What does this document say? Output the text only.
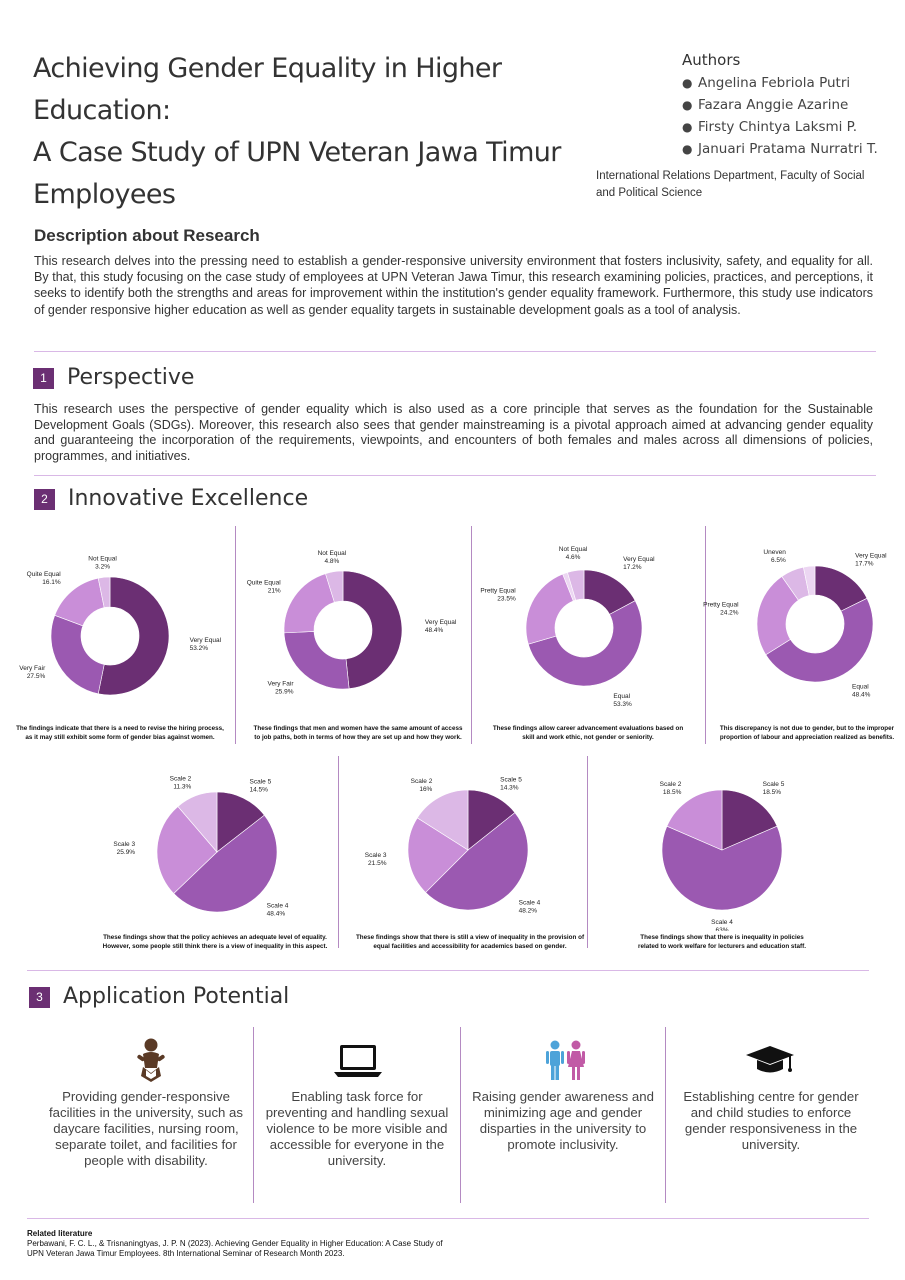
Achieving Gender Equality in Higher Education:
A Case Study of UPN Veteran Jawa Timur
Employees
Authors
● Angelina Febriola Putri
● Fazara Anggie Azarine
● Firsty Chintya Laksmi P.
● Januari Pratama Nurratri T.
International Relations Department, Faculty of Social and Political Science
Description about Research
This research delves into the pressing need to establish a gender-responsive university environment that fosters inclusivity, safety, and equality for all. By that, this study focusing on the case study of employees at UPN Veteran Jawa Timur, this research examining policies, practices, and perceptions, it seeks to identify both the strengths and areas for improvement within the institution's gender equality framework. Furthermore, this study use indicators of gender responsive higher education as well as gender equality targets in sustainable development goals as a tool of analysis.
1 Perspective
This research uses the perspective of gender equality which is also used as a core principle that serves as the foundation for the Sustainable Development Goals (SDGs). Moreover, this research also sees that gender mainstreaming is a pivotal approach aimed at advancing gender equality and guaranteeing the incorporation of the requirements, viewpoints, and encounters of both females and males across all dimensions of policies, programmes, and initiatives.
2 Innovative Excellence
Very Equal 53.2%
Very Fair 27.5%
Quite Equal 16.1%
Not Equal 3.2%
The findings indicate that there is a need to revise the hiring process,
as it may still exhibit some form of gender bias against women.
Very Equal 48.4%
Very Fair 25.9%
Quite Equal 21%
Not Equal 4.8%
These findings that men and women have the same amount of access
to job paths, both in terms of how they are set up and how they work.
Very Equal 17.2%
Equal 53.3%
Pretty Equal 23.5%
Not Equal 4.6%
These findings allow career advancement evaluations based on
skill and work ethic, not gender or seniority.
Very Equal 17.7%
Equal 48.4%
Pretty Equal 24.2%
Uneven 6.5%
This discrepancy is not due to gender, but to the improper
proportion of labour and appreciation realized as benefits.
Scale 5 14.5%
Scale 4 48.4%
Scale 3 25.9%
Scale 2 11.3%
These findings show that the policy achieves an adequate level of equality.
However, some people still think there is a view of inequality in this aspect.
Scale 5 14.3%
Scale 4 48.2%
Scale 3 21.5%
Scale 2 16%
These findings show that there is still a view of inequality in the provision of
equal facilities and accessibility for academics based on gender.
Scale 5 18.5%
Scale 4 63%
Scale 2 18.5%
These findings show that there is inequality in policies
related to work welfare for lecturers and education staff.
3 Application Potential
Providing gender-responsive
facilities in the university, such as
daycare facilities, nursing room,
separate toilet, and facilities for
people with disability.
Enabling task force for
preventing and handling sexual
violence to be more visible and
accessible for everyone in the
university.
Raising gender awareness and
minimizing age and gender
disparties in the university to
promote inclusivity.
Establishing centre for gender
and child studies to enforce
gender responsiveness in the
university.
Related literature
Perbawani, F. C. L., & Trisnaningtyas, J. P. N (2023). Achieving Gender Equality in Higher Education: A Case Study of
UPN Veteran Jawa Timur Employees. 8th International Seminar of Research Month 2023.
